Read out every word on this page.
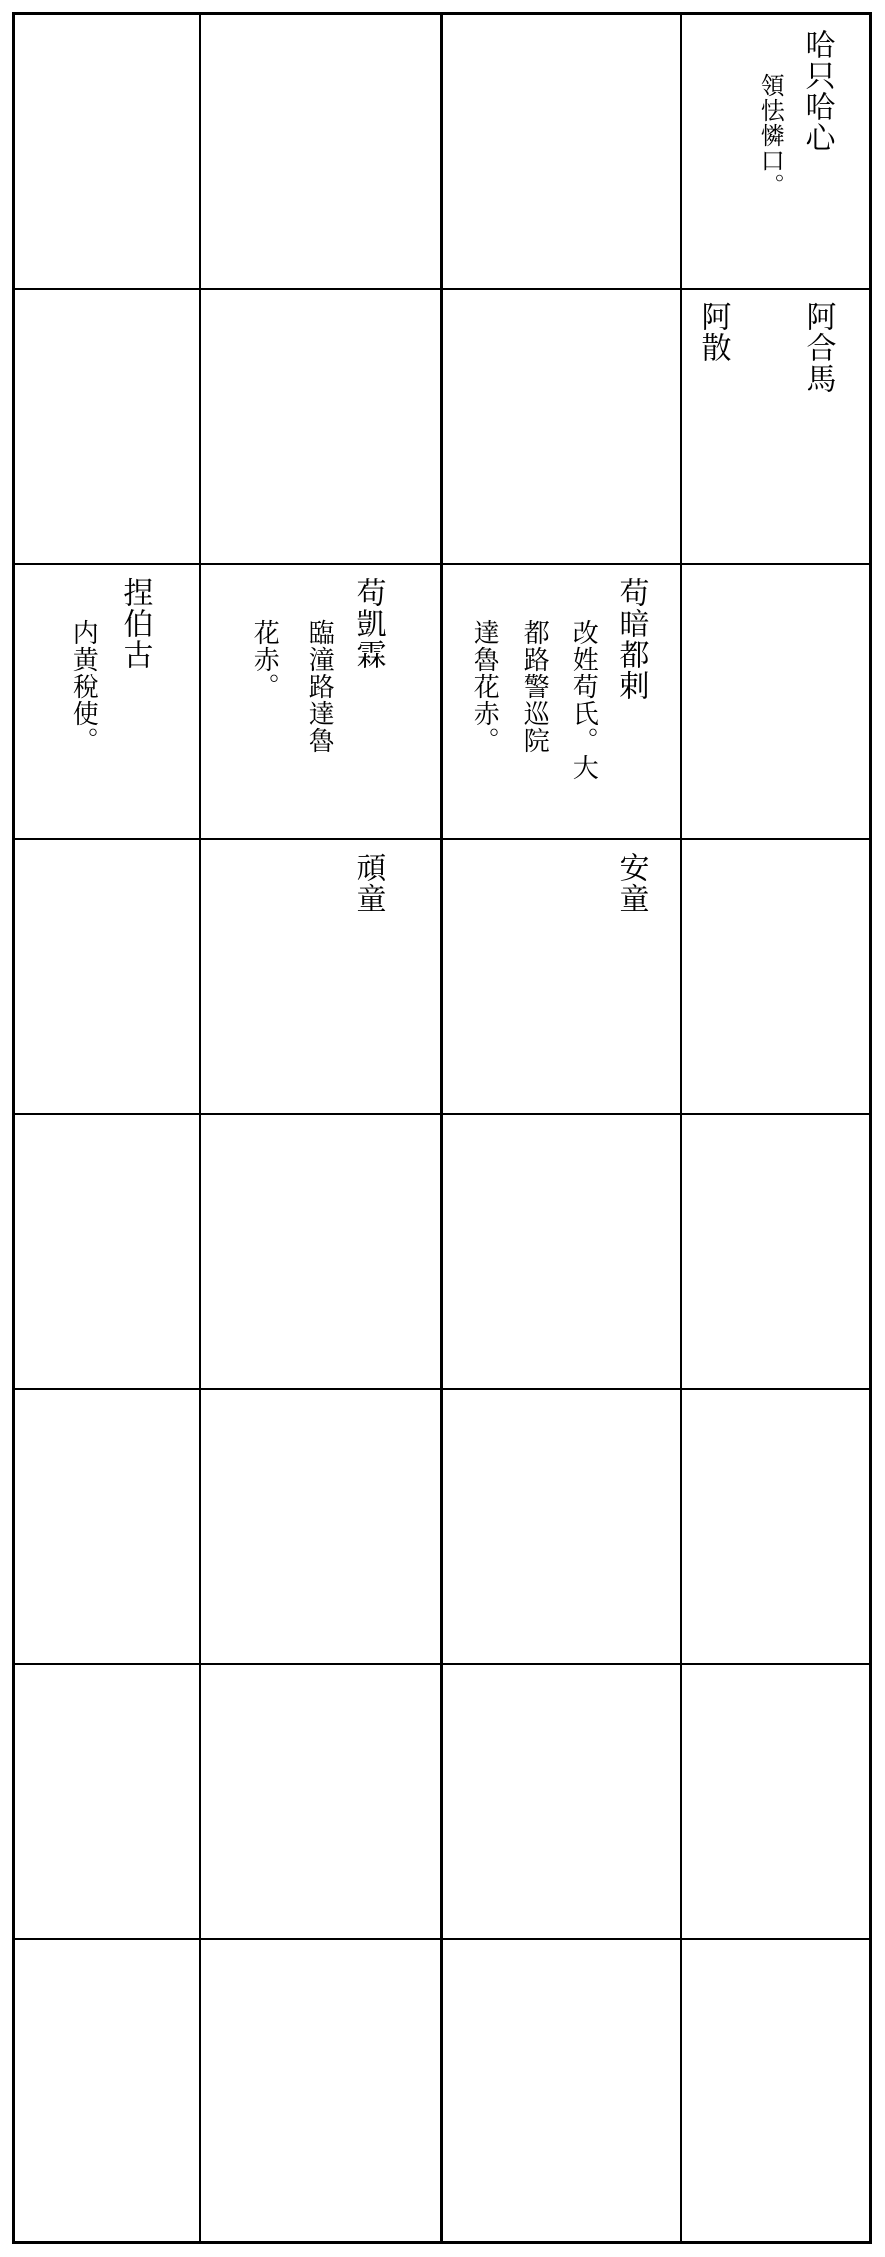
哈只哈心
領怯憐口。
阿合馬
阿散
苟暗都剌
改姓苟氏。大
都路警巡院
達魯花赤。
苟凱霖
臨潼路達魯
花赤。
捏伯古
内黄稅使。
安童
頑童
